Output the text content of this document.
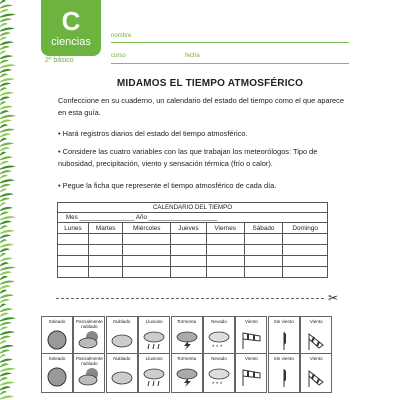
C
ciencias
2º básico
nombre
curso	fecha
MIDAMOS EL TIEMPO ATMOSFÉRICO

Confeccione en su cuaderno, un calendario del estado del tiempo como el que aparece en esta guía.

• Hará registros diarios del estado del tiempo atmosférico.

• Considere las cuatro variables con las que trabajan los meteorólogos: Tipo de nubosidad, precipitación, viento y sensación térmica (frío o calor).

• Pegue la ficha que represente el tiempo atmosférico de cada día.

CALENDARIO DEL TIEMPO						
Mes ________________ Año ____________________						
Lunes	Martes	Miércoles	Jueves	Viernes	Sábado	Domingo

✂
Soleado	Parcialmente nublado
Nublado	Lluvioso	Tormenta	Nevado
* * *
Viento	Sin viento	Viento
Soleado	Parcialmente nublado
Nublado	Lluvioso	Tormenta	Nevado
* * *
Viento	Sin viento	Viento
